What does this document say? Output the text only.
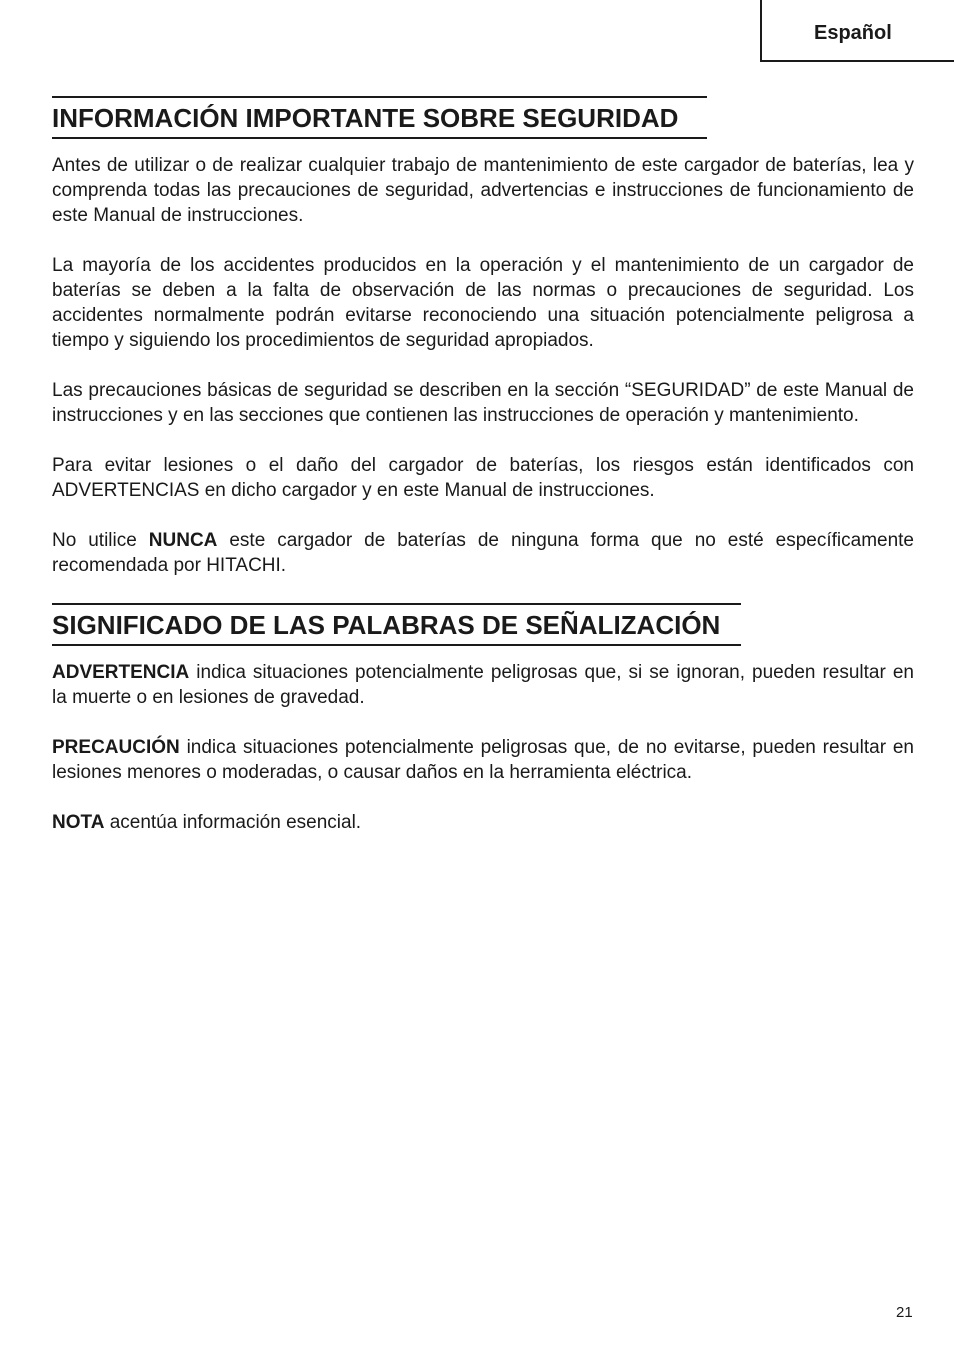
Español
INFORMACIÓN IMPORTANTE SOBRE SEGURIDAD

Antes de utilizar o de realizar cualquier trabajo de mantenimiento de este cargador de baterías, lea y comprenda todas las precauciones de seguridad, advertencias e instrucciones de funcionamiento de este Manual de instrucciones.

La mayoría de los accidentes producidos en la operación y el mantenimiento de un cargador de baterías se deben a la falta de observación de las normas o precauciones de seguridad. Los accidentes normalmente podrán evitarse reconociendo una situación potencialmente peligrosa a tiempo y siguiendo los procedimientos de seguridad apropiados.

Las precauciones básicas de seguridad se describen en la sección “SEGURIDAD” de este Manual de instrucciones y en las secciones que contienen las instrucciones de operación y mantenimiento.

Para evitar lesiones o el daño del cargador de baterías, los riesgos están identificados con ADVERTENCIAS en dicho cargador y en este Manual de instrucciones.

No utilice NUNCA este cargador de baterías de ninguna forma que no esté específicamente recomendada por HITACHI.

SIGNIFICADO DE LAS PALABRAS DE SEÑALIZACIÓN

ADVERTENCIA indica situaciones potencialmente peligrosas que, si se ignoran, pueden resultar en la muerte o en lesiones de gravedad.

PRECAUCIÓN indica situaciones potencialmente peligrosas que, de no evitarse, pueden resultar en lesiones menores o moderadas, o causar daños en la herramienta eléctrica.

NOTA acentúa información esencial.

21
